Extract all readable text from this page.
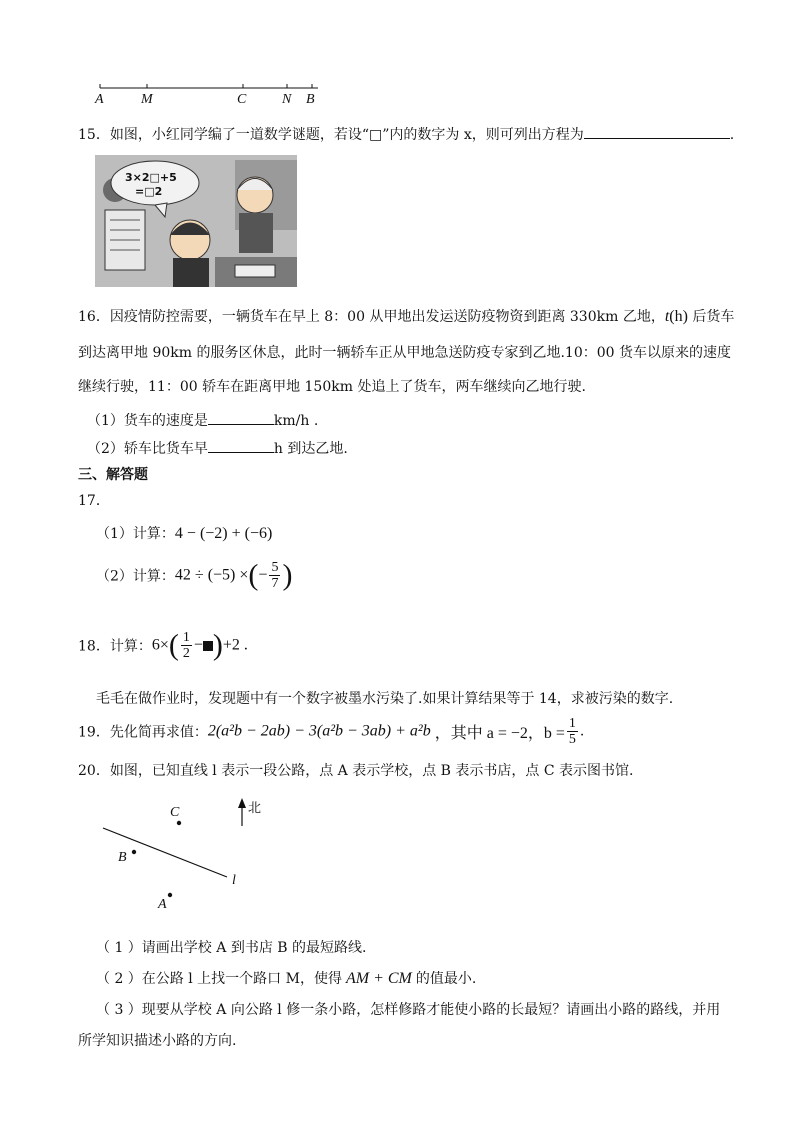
A	M	C	N B
15．如图，小红同学编了一道数学谜题，若设“□”内的数字为 x，则可列出方程为	.
3×2□+5
=□2
16．因疫情防控需要，一辆货车在早上 8：00 从甲地出发运送防疫物资到距离 330km 乙地，t(h) 后货车
到达离甲地 90km 的服务区休息，此时一辆轿车正从甲地急送防疫专家到乙地.10：00 货车以原来的速度
继续行驶，11：00 轿车在距离甲地 150km 处追上了货车，两车继续向乙地行驶.
（1）货车的速度是	km/h .
（2）轿车比货车早	h 到达乙地.
三、解答题
17．
（1）计算：4 − (−2) + (−6)
（2）计算：42 ÷ (−5) ×(− $\frac{5}{7}$ )
18．计算：$6\times( \frac{1}{2} - )+2$ .
毛毛在做作业时，发现题中有一个数字被墨水污染了.如果计算结果等于 14，求被污染的数字.
19．先化简再求值：2(a²b − 2ab) − 3(a²b − 3ab) + a²b ，其中 a = −2，$b = \frac{1}{5}$ .
20．如图，已知直线 l 表示一段公路，点 A 表示学校，点 B 表示书店，点 C 表示图书馆.
C
B
A
l
北
（ 1 ）请画出学校 A 到书店 B 的最短路线.
（ 2 ）在公路 l 上找一个路口 M，使得 AM + CM 的值最小.
（ 3 ）现要从学校 A 向公路 l 修一条小路，怎样修路才能使小路的长最短？请画出小路的路线，并用
所学知识描述小路的方向.
